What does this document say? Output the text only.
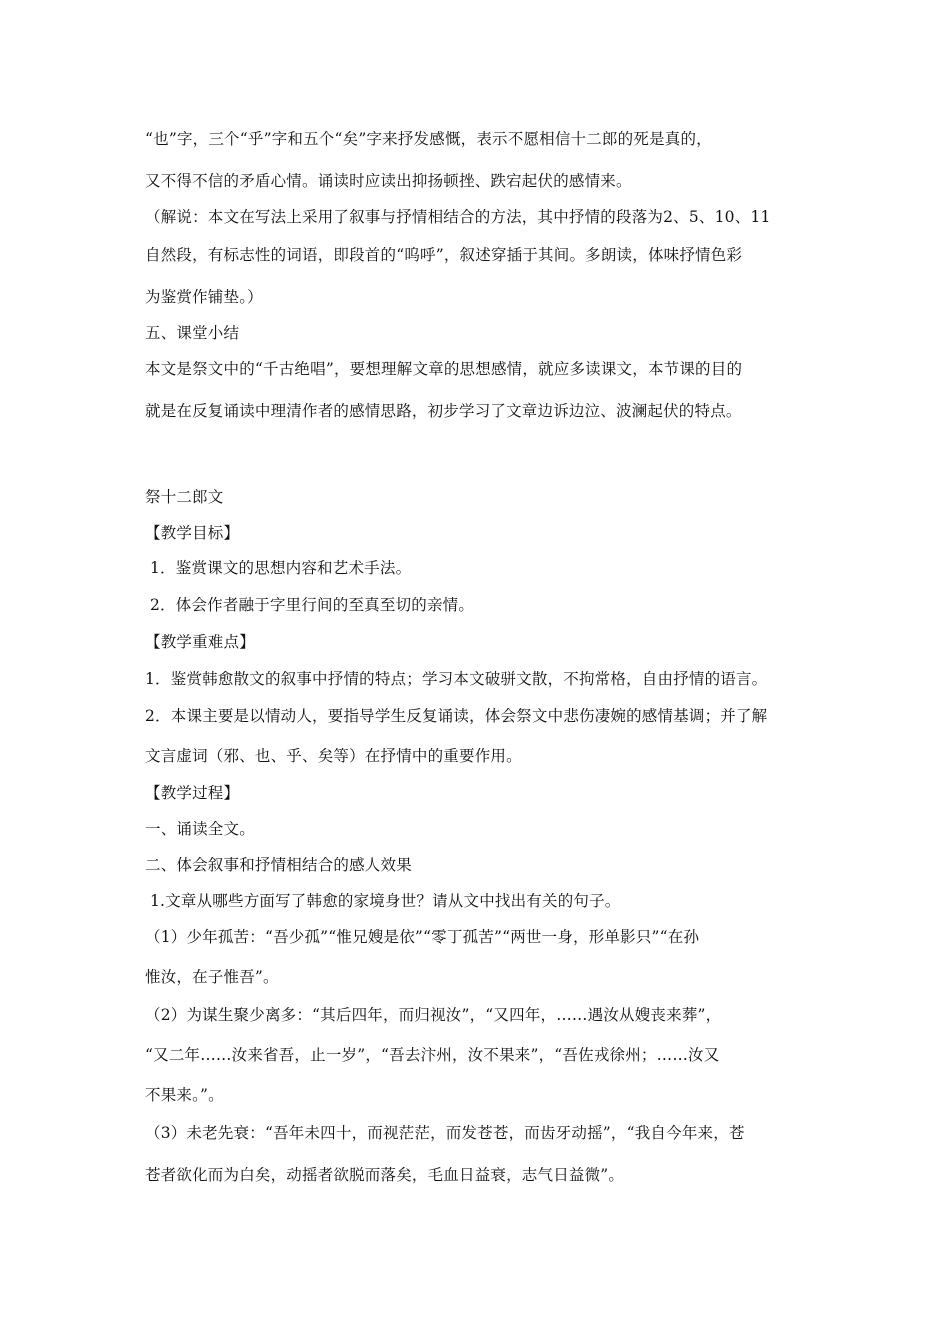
“也”字，三个“乎”字和五个“矣”字来抒发感慨，表示不愿相信十二郎的死是真的，
又不得不信的矛盾心情。诵读时应读出抑扬顿挫、跌宕起伏的感情来。
（解说：本文在写法上采用了叙事与抒情相结合的方法，其中抒情的段落为2、5、10、11
自然段，有标志性的词语，即段首的“呜呼”，叙述穿插于其间。多朗读，体味抒情色彩
为鉴赏作铺垫。）
五、课堂小结
本文是祭文中的“千古绝唱”，要想理解文章的思想感情，就应多读课文，本节课的目的
就是在反复诵读中理清作者的感情思路，初步学习了文章边诉边泣、波澜起伏的特点。
祭十二郎文
【教学目标】
1．鉴赏课文的思想内容和艺术手法。
2．体会作者融于字里行间的至真至切的亲情。
【教学重难点】
1．鉴赏韩愈散文的叙事中抒情的特点；学习本文破骈文散，不拘常格，自由抒情的语言。
2．本课主要是以情动人，要指导学生反复诵读，体会祭文中悲伤凄婉的感情基调；并了解
文言虚词（邪、也、乎、矣等）在抒情中的重要作用。
【教学过程】
一、诵读全文。
二、体会叙事和抒情相结合的感人效果
1.文章从哪些方面写了韩愈的家境身世？请从文中找出有关的句子。
（1）少年孤苦：“吾少孤”“惟兄嫂是依”“零丁孤苦”“两世一身，形单影只”“在孙
惟汝，在子惟吾”。
（2）为谋生聚少离多：“其后四年，而归视汝”，“又四年，……遇汝从嫂丧来葬”，
“又二年……汝来省吾，止一岁”，“吾去汴州，汝不果来”，“吾佐戎徐州；……汝又
不果来。”。
（3）未老先衰：“吾年未四十，而视茫茫，而发苍苍，而齿牙动摇”，“我自今年来，苍
苍者欲化而为白矣，动摇者欲脱而落矣，毛血日益衰，志气日益微”。
